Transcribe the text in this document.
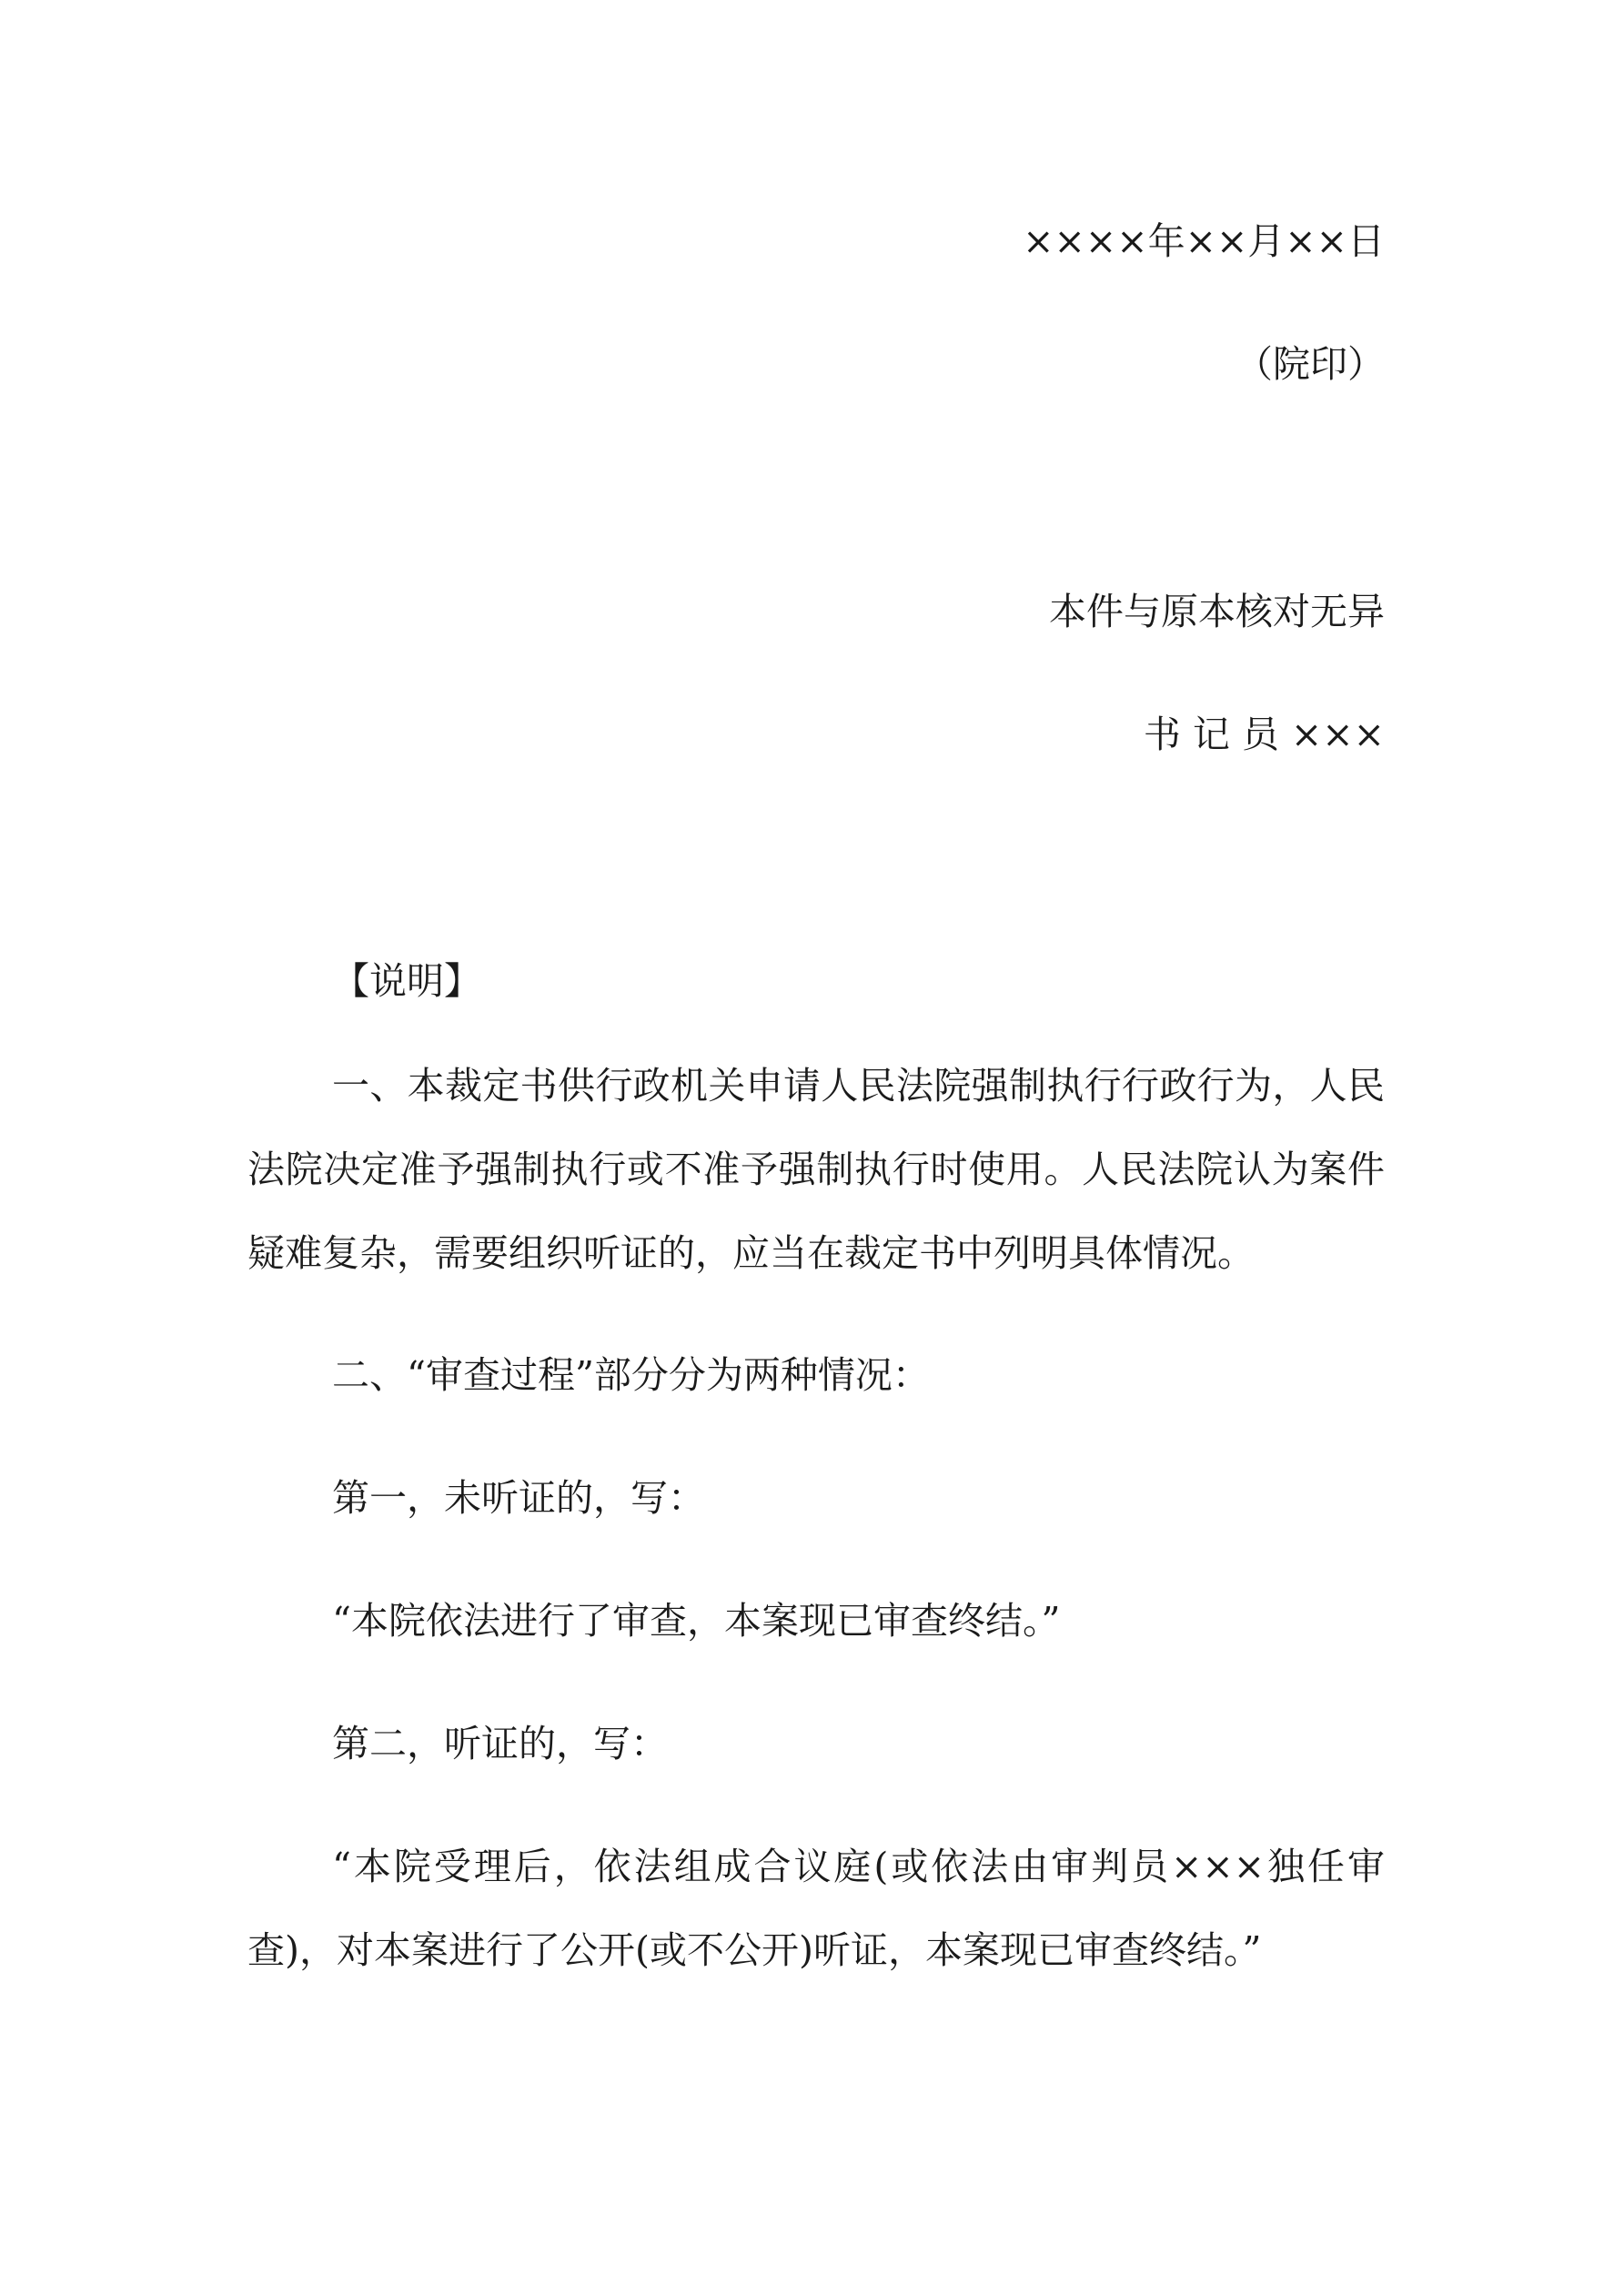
××××年××月××日
（院印）
本件与原本核对无异
书 记 员 ×××
【说明】
一、本裁定书供行政机关申请人民法院强制执行行政行为，人民法院决定准予强制执行或不准予强制执行时使用。人民法院认为案件疑难复杂，需要组织听证的，应当在裁定书中列明具体情况。
二、“审查过程”部分分为两种情况：
第一，未听证的，写：
“本院依法进行了审查，本案现已审查终结。”
第二，听证的，写：
“本院受理后，依法组成合议庭(或依法由审判员×××独任审查)，对本案进行了公开(或不公开)听证，本案现已审查终结。”
